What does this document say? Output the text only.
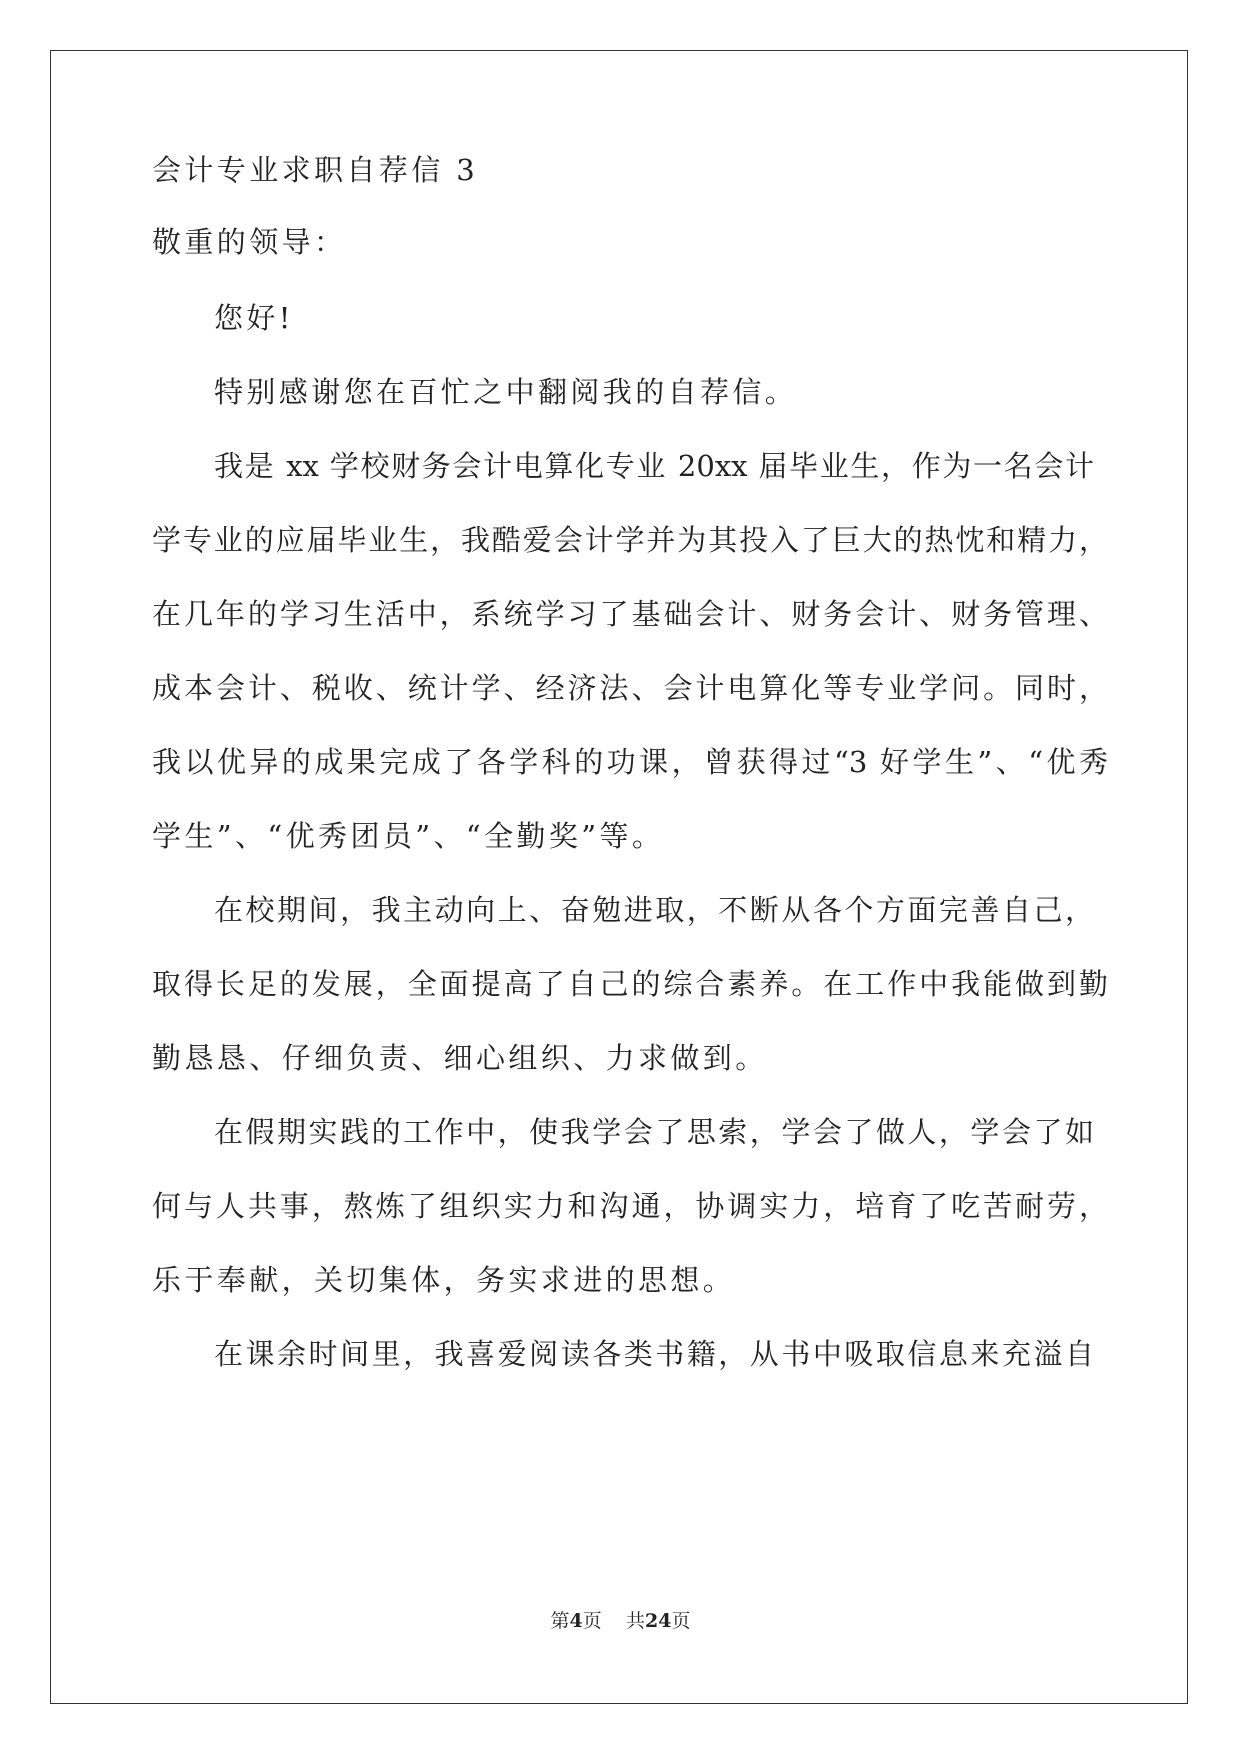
会计专业求职自荐信 3
敬重的领导：
您好!
特别感谢您在百忙之中翻阅我的自荐信。
我是 xx 学校财务会计电算化专业 20xx 届毕业生，作为一名会计
学专业的应届毕业生，我酷爱会计学并为其投入了巨大的热忱和精力，
在几年的学习生活中，系统学习了基础会计、财务会计、财务管理、
成本会计、税收、统计学、经济法、会计电算化等专业学问。同时，
我以优异的成果完成了各学科的功课，曾获得过“3 好学生”、“优秀
学生”、“优秀团员”、“全勤奖”等。
在校期间，我主动向上、奋勉进取，不断从各个方面完善自己，
取得长足的发展，全面提高了自己的综合素养。在工作中我能做到勤
勤恳恳、仔细负责、细心组织、力求做到。
在假期实践的工作中，使我学会了思索，学会了做人，学会了如
何与人共事，熬炼了组织实力和沟通，协调实力，培育了吃苦耐劳，
乐于奉献，关切集体，务实求进的思想。
在课余时间里，我喜爱阅读各类书籍，从书中吸取信息来充溢自
第4页 共24页
